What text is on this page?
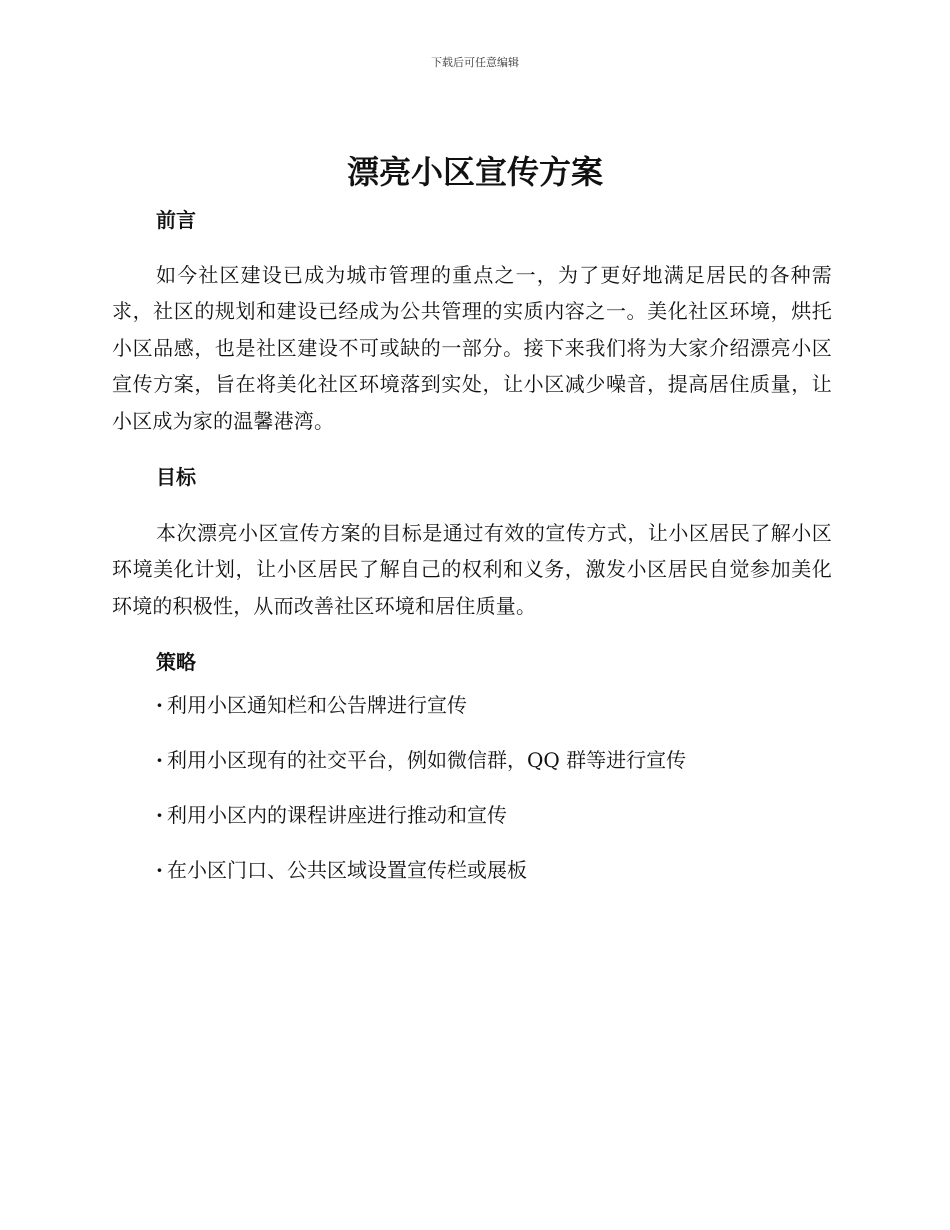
下载后可任意编辑
漂亮小区宣传方案
前言

如今社区建设已成为城市管理的重点之一，为了更好地满足居民的各种需求，社区的规划和建设已经成为公共管理的实质内容之一。美化社区环境，烘托小区品感，也是社区建设不可或缺的一部分。接下来我们将为大家介绍漂亮小区宣传方案，旨在将美化社区环境落到实处，让小区减少噪音，提高居住质量，让小区成为家的温馨港湾。

目标

本次漂亮小区宣传方案的目标是通过有效的宣传方式，让小区居民了解小区环境美化计划，让小区居民了解自己的权利和义务，激发小区居民自觉参加美化环境的积极性，从而改善社区环境和居住质量。

策略
· 利用小区通知栏和公告牌进行宣传
· 利用小区现有的社交平台，例如微信群，QQ 群等进行宣传
· 利用小区内的课程讲座进行推动和宣传
· 在小区门口、公共区域设置宣传栏或展板
